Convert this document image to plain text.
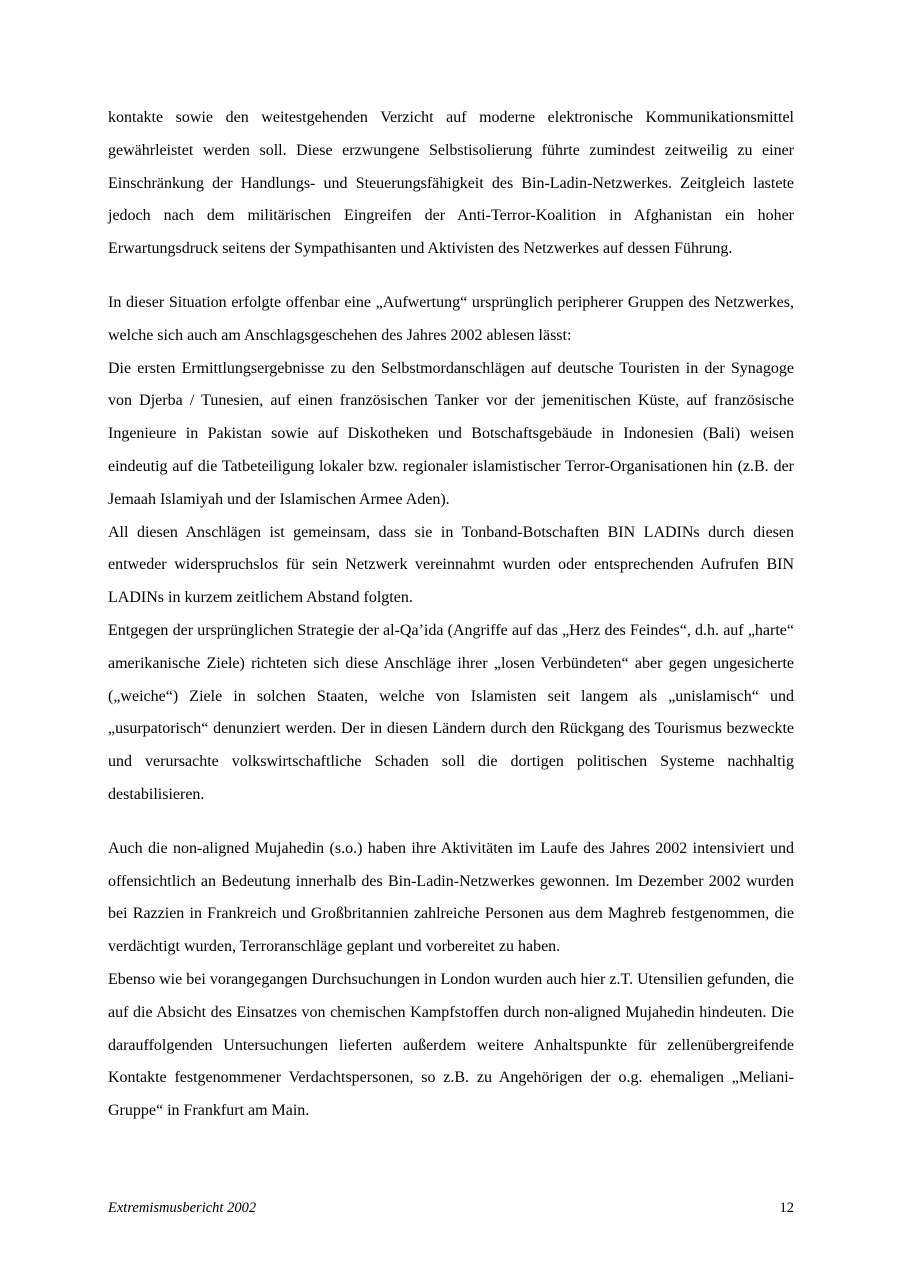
kontakte sowie den weitestgehenden Verzicht auf moderne elektronische Kommunikationsmittel gewährleistet werden soll. Diese erzwungene Selbstisolierung führte zumindest zeitweilig zu einer Einschränkung der Handlungs- und Steuerungsfähigkeit des Bin-Ladin-Netzwerkes. Zeitgleich lastete jedoch nach dem militärischen Eingreifen der Anti-Terror-Koalition in Afghanistan ein hoher Erwartungsdruck seitens der Sympathisanten und Aktivisten des Netzwerkes auf dessen Führung.

In dieser Situation erfolgte offenbar eine „Aufwertung“ ursprünglich peripherer Gruppen des Netzwerkes, welche sich auch am Anschlagsgeschehen des Jahres 2002 ablesen lässt:

Die ersten Ermittlungsergebnisse zu den Selbstmordanschlägen auf deutsche Touristen in der Synagoge von Djerba / Tunesien, auf einen französischen Tanker vor der jemenitischen Küste, auf französische Ingenieure in Pakistan sowie auf Diskotheken und Botschaftsgebäude in Indonesien (Bali) weisen eindeutig auf die Tatbeteiligung lokaler bzw. regionaler islamistischer Terror-Organisationen hin (z.B. der Jemaah Islamiyah und der Islamischen Armee Aden).

All diesen Anschlägen ist gemeinsam, dass sie in Tonband-Botschaften BIN LADINs durch diesen entweder widerspruchslos für sein Netzwerk vereinnahmt wurden oder entsprechenden Aufrufen BIN LADINs in kurzem zeitlichem Abstand folgten.

Entgegen der ursprünglichen Strategie der al-Qa’ida (Angriffe auf das „Herz des Feindes“, d.h. auf „harte“ amerikanische Ziele) richteten sich diese Anschläge ihrer „losen Verbündeten“ aber gegen ungesicherte („weiche“) Ziele in solchen Staaten, welche von Islamisten seit langem als „unislamisch“ und „usurpatorisch“ denunziert werden. Der in diesen Ländern durch den Rückgang des Tourismus bezweckte und verursachte volkswirtschaftliche Schaden soll die dortigen politischen Systeme nachhaltig destabilisieren.

Auch die non-aligned Mujahedin (s.o.) haben ihre Aktivitäten im Laufe des Jahres 2002 intensiviert und offensichtlich an Bedeutung innerhalb des Bin-Ladin-Netzwerkes gewonnen. Im Dezember 2002 wurden bei Razzien in Frankreich und Großbritannien zahlreiche Personen aus dem Maghreb festgenommen, die verdächtigt wurden, Terroranschläge geplant und vorbereitet zu haben.

Ebenso wie bei vorangegangen Durchsuchungen in London wurden auch hier z.T. Utensilien gefunden, die auf die Absicht des Einsatzes von chemischen Kampfstoffen durch non-aligned Mujahedin hindeuten. Die darauffolgenden Untersuchungen lieferten außerdem weitere Anhaltspunkte für zellenübergreifende Kontakte festgenommener Verdachtspersonen, so z.B. zu Angehörigen der o.g. ehemaligen „Meliani-Gruppe“ in Frankfurt am Main.

Extremismusbericht 2002	12
